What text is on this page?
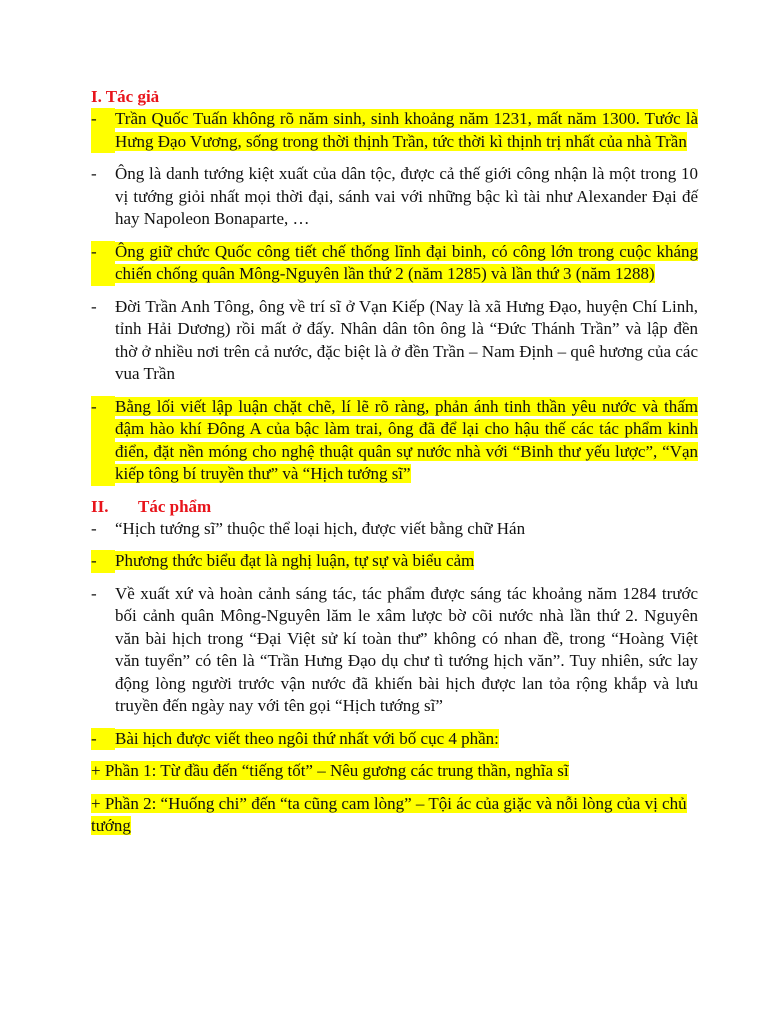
I. Tác giả
-	Trần Quốc Tuấn không rõ năm sinh, sinh khoảng năm 1231, mất năm 1300. Tước là Hưng Đạo Vương, sống trong thời thịnh Trần, tức thời kì thịnh trị nhất của nhà Trần
-	Ông là danh tướng kiệt xuất của dân tộc, được cả thế giới công nhận là một trong 10 vị tướng giỏi nhất mọi thời đại, sánh vai với những bậc kì tài như Alexander Đại đế hay Napoleon Bonaparte, …
-	Ông giữ chức Quốc công tiết chế thống lĩnh đại binh, có công lớn trong cuộc kháng chiến chống quân Mông-Nguyên lần thứ 2 (năm 1285) và lần thứ 3 (năm 1288)
-	Đời Trần Anh Tông, ông về trí sĩ ở Vạn Kiếp (Nay là xã Hưng Đạo, huyện Chí Linh, tỉnh Hải Dương) rồi mất ở đấy. Nhân dân tôn ông là “Đức Thánh Trần” và lập đền thờ ở nhiều nơi trên cả nước, đặc biệt là ở đền Trần – Nam Định – quê hương của các vua Trần
-	Bằng lối viết lập luận chặt chẽ, lí lẽ rõ ràng, phản ánh tinh thần yêu nước và thấm đậm hào khí Đông A của bậc làm trai, ông đã để lại cho hậu thế các tác phẩm kinh điển, đặt nền móng cho nghệ thuật quân sự nước nhà với “Binh thư yếu lược”, “Vạn kiếp tông bí truyền thư” và “Hịch tướng sĩ”
II. Tác phẩm
-	“Hịch tướng sĩ” thuộc thể loại hịch, được viết bằng chữ Hán
-	Phương thức biểu đạt là nghị luận, tự sự và biểu cảm
-	Về xuất xứ và hoàn cảnh sáng tác, tác phẩm được sáng tác khoảng năm 1284 trước bối cảnh quân Mông-Nguyên lăm le xâm lược bờ cõi nước nhà lần thứ 2. Nguyên văn bài hịch trong “Đại Việt sử kí toàn thư” không có nhan đề, trong “Hoàng Việt văn tuyển” có tên là “Trần Hưng Đạo dụ chư tì tướng hịch văn”. Tuy nhiên, sức lay động lòng người trước vận nước đã khiến bài hịch được lan tỏa rộng khắp và lưu truyền đến ngày nay với tên gọi “Hịch tướng sĩ”
-	Bài hịch được viết theo ngôi thứ nhất với bố cục 4 phần:
+ Phần 1: Từ đầu đến “tiếng tốt” – Nêu gương các trung thần, nghĩa sĩ
+ Phần 2: “Huống chi” đến “ta cũng cam lòng” – Tội ác của giặc và nỗi lòng của vị chủ tướng
